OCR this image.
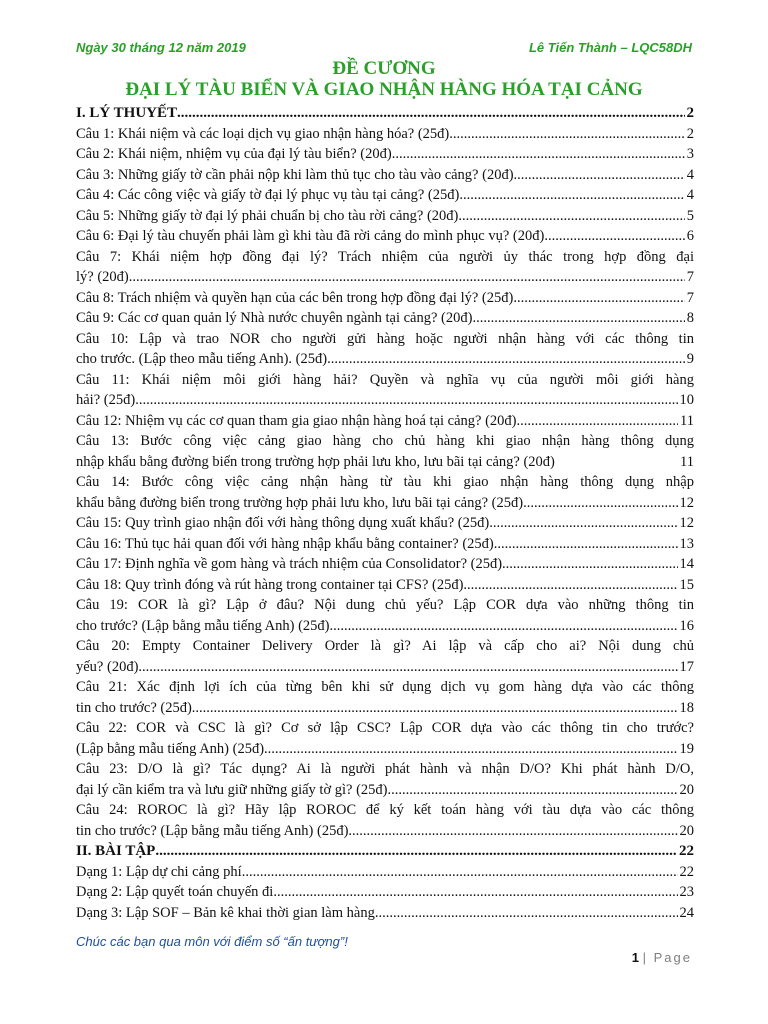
Ngày 30 tháng 12 năm 2019	Lê Tiến Thành – LQC58DH
ĐỀ CƯƠNG
ĐẠI LÝ TÀU BIỂN VÀ GIAO NHẬN HÀNG HÓA TẠI CẢNG
I. LÝ THUYẾT .....	2
Câu 1: Khái niệm và các loại dịch vụ giao nhận hàng hóa? (25đ) .....	2
Câu 2: Khái niệm, nhiệm vụ của đại lý tàu biển? (20đ) .....	3
Câu 3: Những giấy tờ cần phải nộp khi làm thủ tục cho tàu vào cảng? (20đ) .....	4
Câu 4: Các công việc và giấy tờ đại lý phục vụ tàu tại cảng? (25đ) .....	4
Câu 5: Những giấy tờ đại lý phải chuẩn bị cho tàu rời cảng? (20đ) .....	5
Câu 6: Đại lý tàu chuyến phải làm gì khi tàu đã rời cảng do mình phục vụ? (20đ) .....	6
Câu 7: Khái niệm hợp đồng đại lý? Trách nhiệm của người ủy thác trong hợp đồng đại
lý? (20đ) .....	7
Câu 8: Trách nhiệm và quyền hạn của các bên trong hợp đồng đại lý? (25đ) .....	7
Câu 9: Các cơ quan quản lý Nhà nước chuyên ngành tại cảng? (20đ) .....	8
Câu 10: Lập và trao NOR cho người gửi hàng hoặc người nhận hàng với các thông tin
cho trước. (Lập theo mẫu tiếng Anh). (25đ) .....	9
Câu 11: Khái niệm môi giới hàng hải? Quyền và nghĩa vụ của người môi giới hàng
hải? (25đ) .....	10
Câu 12: Nhiệm vụ các cơ quan tham gia giao nhận hàng hoá tại cảng? (20đ) .....	11
Câu 13: Bước công việc cảng giao hàng cho chủ hàng khi giao nhận hàng thông dụng
nhập khẩu bằng đường biển trong trường hợp phải lưu kho, lưu bãi tại cảng? (20đ)	11
Câu 14: Bước công việc cảng nhận hàng từ tàu khi giao nhận hàng thông dụng nhập
khẩu bằng đường biển trong trường hợp phải lưu kho, lưu bãi tại cảng? (25đ) .....	12
Câu 15: Quy trình giao nhận đối với hàng thông dụng xuất khẩu? (25đ) .....	12
Câu 16: Thủ tục hải quan đối với hàng nhập khẩu bằng container? (25đ) .....	13
Câu 17: Định nghĩa về gom hàng và trách nhiệm của Consolidator? (25đ) .....	14
Câu 18: Quy trình đóng và rút hàng trong container tại CFS? (25đ) .....	15
Câu 19: COR là gì? Lập ở đâu? Nội dung chủ yếu? Lập COR dựa vào những thông tin
cho trước? (Lập bằng mẫu tiếng Anh) (25đ) .....	16
Câu 20: Empty Container Delivery Order là gì? Ai lập và cấp cho ai? Nội dung chủ
yếu? (20đ) .....	17
Câu 21: Xác định lợi ích của từng bên khi sử dụng dịch vụ gom hàng dựa vào các thông
tin cho trước? (25đ) .....	18
Câu 22: COR và CSC là gì? Cơ sở lập CSC? Lập COR dựa vào các thông tin cho trước?
(Lập bằng mẫu tiếng Anh) (25đ) .....	19
Câu 23: D/O là gì? Tác dụng? Ai là người phát hành và nhận D/O? Khi phát hành D/O,
đại lý cần kiểm tra và lưu giữ những giấy tờ gì? (25đ) .....	20
Câu 24: ROROC là gì? Hãy lập ROROC để ký kết toán hàng với tàu dựa vào các thông
tin cho trước? (Lập bằng mẫu tiếng Anh) (25đ) .....	20
II. BÀI TẬP .....	22
Dạng 1: Lập dự chi cảng phí .....	22
Dạng 2: Lập quyết toán chuyến đi .....	23
Dạng 3: Lập SOF – Bản kê khai thời gian làm hàng .....	24
Chúc các bạn qua môn với điểm số “ấn tượng”!
1 | Page
